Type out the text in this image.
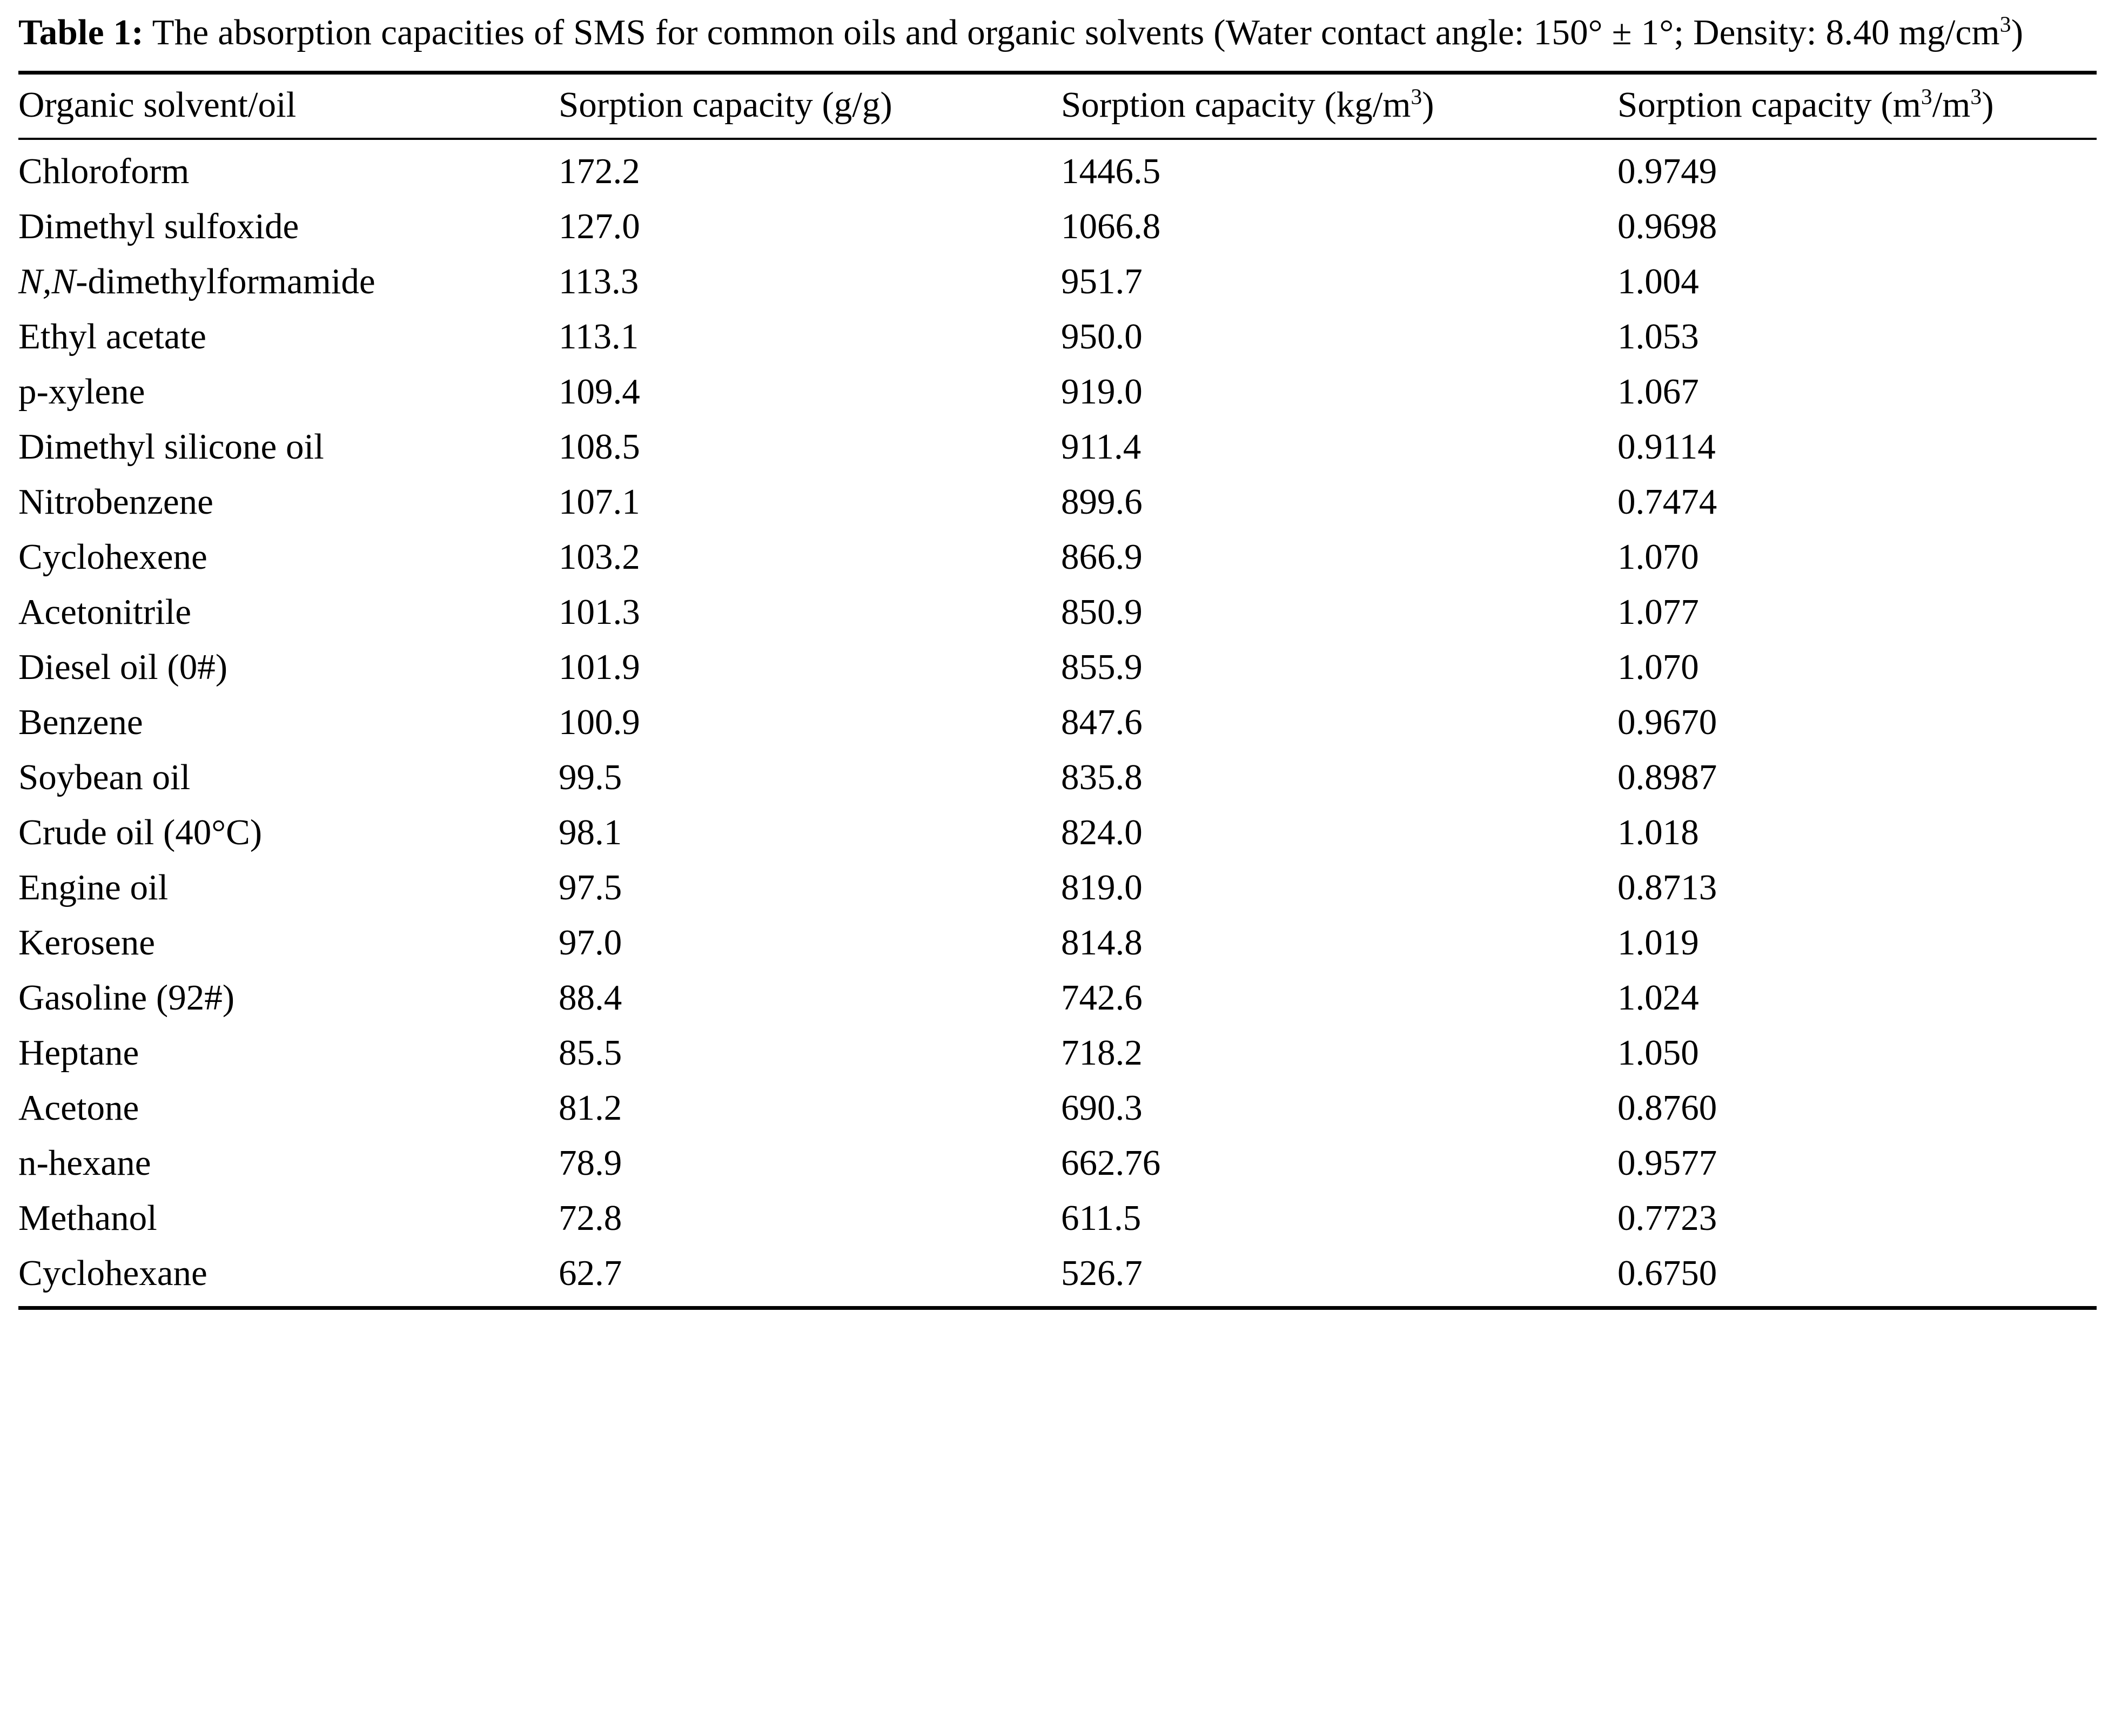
Table 1: The absorption capacities of SMS for common oils and organic solvents (Water contact angle: 150° ± 1°; Density: 8.40 $mg/cm^3$)

Organic solvent/oil	Sorption capacity (g/g)	Sorption capacity $(kg/m^3)$	Sorption capacity $(m^3/m^3)$
Chloroform	172.2	1446.5	0.9749
Dimethyl sulfoxide	127.0	1066.8	0.9698
N,N-dimethylformamide	113.3	951.7	1.004
Ethyl acetate	113.1	950.0	1.053
p-xylene	109.4	919.0	1.067
Dimethyl silicone oil	108.5	911.4	0.9114
Nitrobenzene	107.1	899.6	0.7474
Cyclohexene	103.2	866.9	1.070
Acetonitrile	101.3	850.9	1.077
Diesel oil (0#)	101.9	855.9	1.070
Benzene	100.9	847.6	0.9670
Soybean oil	99.5	835.8	0.8987
Crude oil (40°C)	98.1	824.0	1.018
Engine oil	97.5	819.0	0.8713
Kerosene	97.0	814.8	1.019
Gasoline (92#)	88.4	742.6	1.024
Heptane	85.5	718.2	1.050
Acetone	81.2	690.3	0.8760
n-hexane	78.9	662.76	0.9577
Methanol	72.8	611.5	0.7723
Cyclohexane	62.7	526.7	0.6750
